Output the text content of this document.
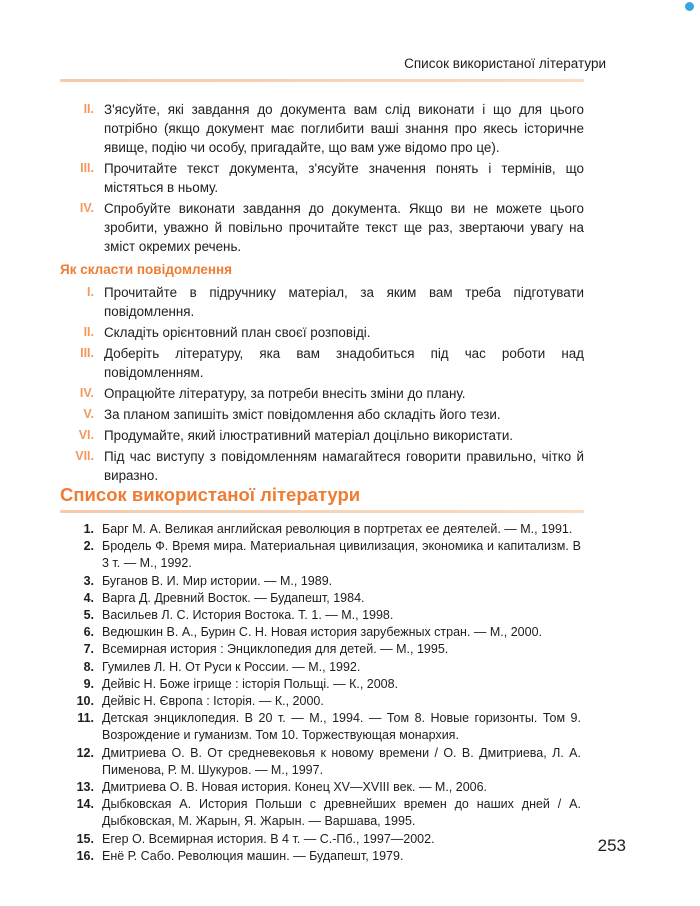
Список використаної літератури
II. З'ясуйте, які завдання до документа вам слід виконати і що для цього потрібно (якщо документ має поглибити ваші знання про якесь історичне явище, подію чи особу, пригадайте, що вам уже відомо про це).
III. Прочитайте текст документа, з'ясуйте значення понять і термінів, що містяться в ньому.
IV. Спробуйте виконати завдання до документа. Якщо ви не можете цього зробити, уважно й повільно прочитайте текст ще раз, звертаючи увагу на зміст окремих речень.
Як скласти повідомлення
I. Прочитайте в підручнику матеріал, за яким вам треба підготувати повідомлення.
II. Складіть орієнтовний план своєї розповіді.
III. Доберіть літературу, яка вам знадобиться під час роботи над повідомленням.
IV. Опрацюйте літературу, за потреби внесіть зміни до плану.
V. За планом запишіть зміст повідомлення або складіть його тези.
VI. Продумайте, який ілюстративний матеріал доцільно використати.
VII. Під час виступу з повідомленням намагайтеся говорити правильно, чітко й виразно.
Список використаної літератури
1. Барг М. А. Великая английская революция в портретах ее деятелей. — М., 1991.
2. Бродель Ф. Время мира. Материальная цивилизация, экономика и капитализм. В 3 т. — М., 1992.
3. Буганов В. И. Мир истории. — М., 1989.
4. Варга Д. Древний Восток. — Будапешт, 1984.
5. Васильев Л. С. История Востока. Т. 1. — М., 1998.
6. Ведюшкин В. А., Бурин С. Н. Новая история зарубежных стран. — М., 2000.
7. Всемирная история : Энциклопедия для детей. — М., 1995.
8. Гумилев Л. Н. От Руси к России. — М., 1992.
9. Дейвіс Н. Боже ігрище : історія Польщі. — К., 2008.
10. Дейвіс Н. Європа : Історія. — К., 2000.
11. Детская энциклопедия. В 20 т. — М., 1994. — Том 8. Новые горизонты. Том 9. Возрождение и гуманизм. Том 10. Торжествующая монархия.
12. Дмитриева О. В. От средневековья к новому времени / О. В. Дмитриева, Л. А. Пименова, Р. М. Шукуров. — М., 1997.
13. Дмитриева О. В. Новая история. Конец XV—XVIII век. — М., 2006.
14. Дыбковская А. История Польши с древнейших времен до наших дней / А. Дыбковская, М. Жарын, Я. Жарын. — Варшава, 1995.
15. Егер О. Всемирная история. В 4 т. — С.-Пб., 1997—2002.
16. Енё Р. Сабо. Революция машин. — Будапешт, 1979.
253
